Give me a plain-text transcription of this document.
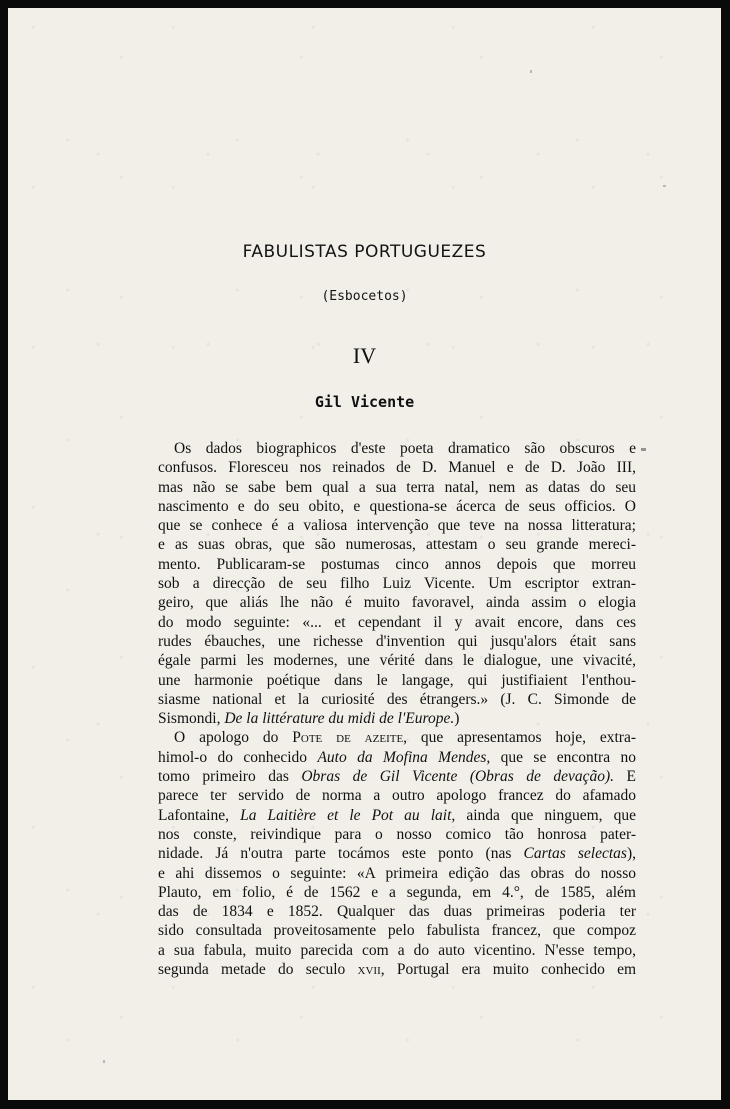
FABULISTAS PORTUGUEZES
(Esbocetos)
IV
Gil Vicente
Os dados biographicos d'este poeta dramatico são obscuros e
confusos. Floresceu nos reinados de D. Manuel e de D. João III,
mas não se sabe bem qual a sua terra natal, nem as datas do seu
nascimento e do seu obito, e questiona-se ácerca de seus officios. O
que se conhece é a valiosa intervenção que teve na nossa litteratura;
e as suas obras, que são numerosas, attestam o seu grande mereci-
mento. Publicaram-se postumas cinco annos depois que morreu
sob a direcção de seu filho Luiz Vicente. Um escriptor extran-
geiro, que aliás lhe não é muito favoravel, ainda assim o elogia
do modo seguinte: «... et cependant il y avait encore, dans ces
rudes ébauches, une richesse d'invention qui jusqu'alors était sans
égale parmi les modernes, une vérité dans le dialogue, une vivacité,
une harmonie poétique dans le langage, qui justifiaient l'enthou-
siasme national et la curiosité des étrangers.» (J. C. Simonde de
Sismondi, De la littérature du midi de l'Europe.)
O apologo do Pote de azeite, que apresentamos hoje, extra-
himol-o do conhecido Auto da Mofina Mendes, que se encontra no
tomo primeiro das Obras de Gil Vicente (Obras de devação). E
parece ter servido de norma a outro apologo francez do afamado
Lafontaine, La Laitière et le Pot au lait, ainda que ninguem, que
nos conste, reivindique para o nosso comico tão honrosa pater-
nidade. Já n'outra parte tocámos este ponto (nas Cartas selectas),
e ahi dissemos o seguinte: «A primeira edição das obras do nosso
Plauto, em folio, é de 1562 e a segunda, em 4.°, de 1585, além
das de 1834 e 1852. Qualquer das duas primeiras poderia ter
sido consultada proveitosamente pelo fabulista francez, que compoz
a sua fabula, muito parecida com a do auto vicentino. N'esse tempo,
segunda metade do seculo xvii, Portugal era muito conhecido em
